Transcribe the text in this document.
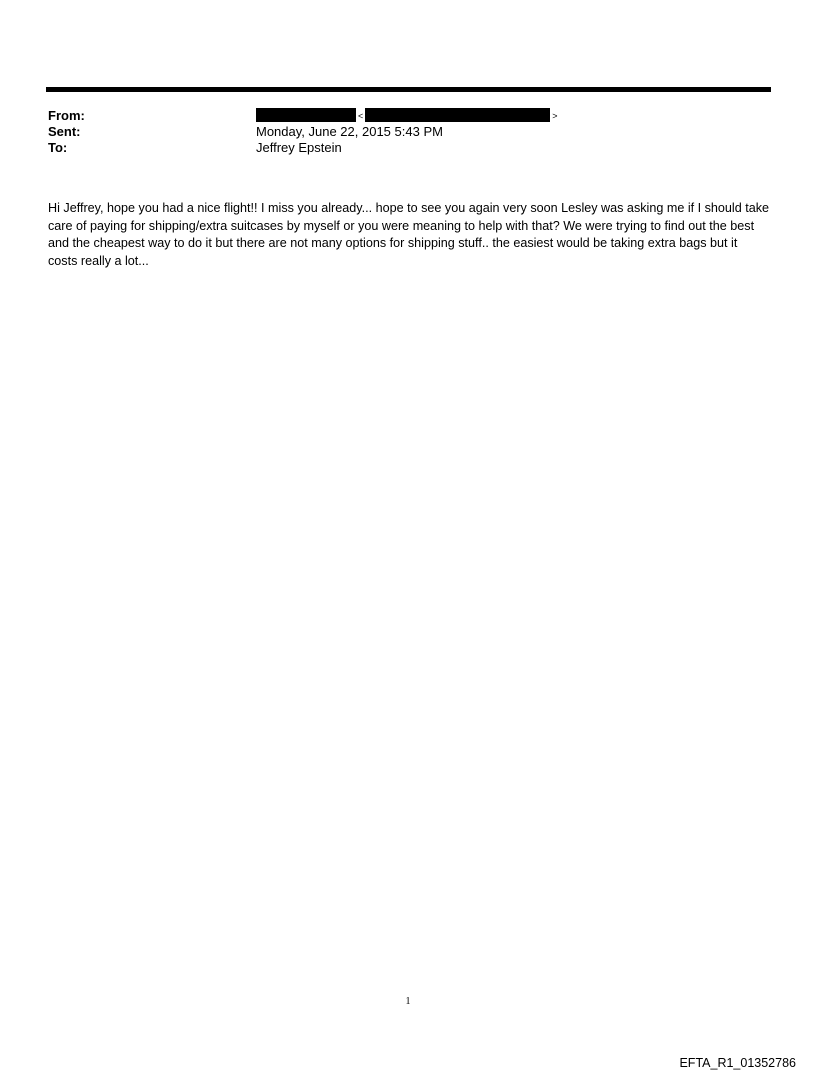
From:	<	>
Sent:	Monday, June 22, 2015 5:43 PM
To:	Jeffrey Epstein

Hi Jeffrey, hope you had a nice flight!! I miss you already... hope to see you again very soon Lesley was asking me if I should take care of paying for shipping/extra suitcases by myself or you were meaning to help with that? We were trying to find out the best and the cheapest way to do it but there are not many options for shipping stuff.. the easiest would be taking extra bags but it costs really a lot...

1
EFTA_R1_01352786
